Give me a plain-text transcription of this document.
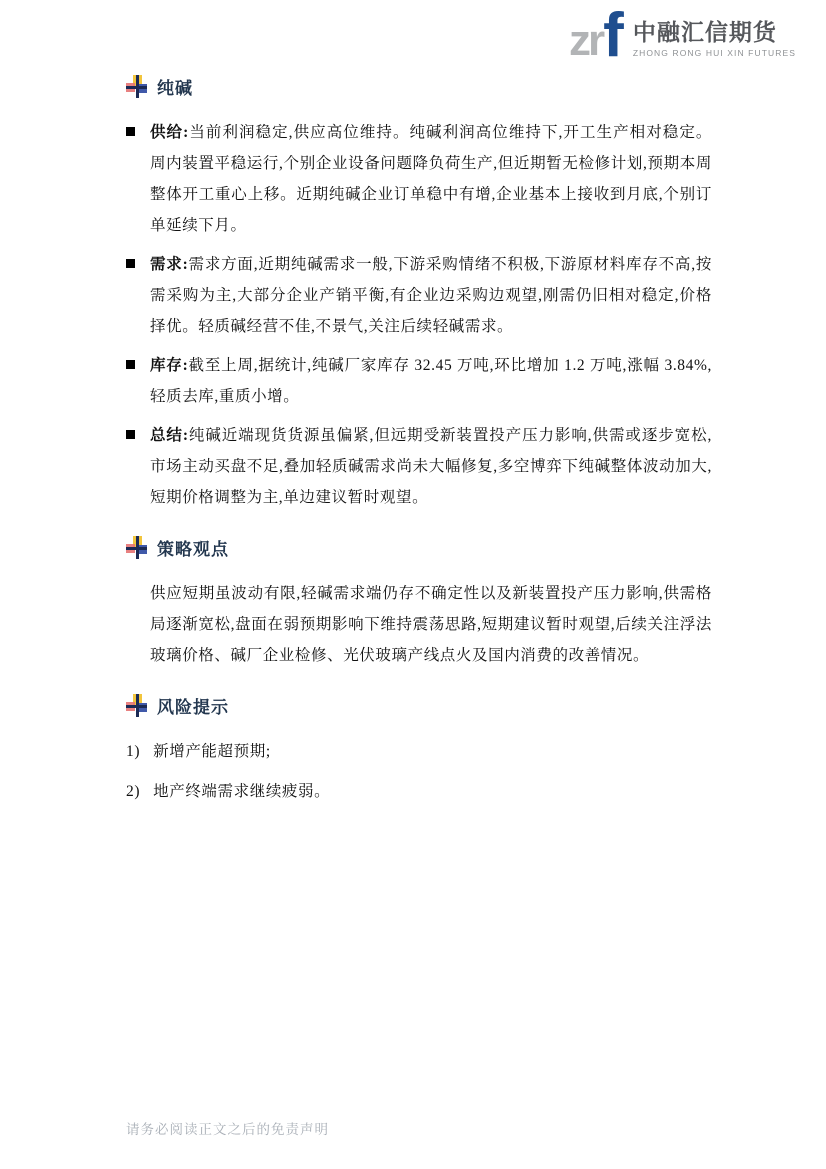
zr f 中融汇信期货
ZHONG RONG HUI XIN FUTURES
纯碱

供给:当前利润稳定,供应高位维持。纯碱利润高位维持下,开工生产相对稳定。周内装置平稳运行,个别企业设备问题降负荷生产,但近期暂无检修计划,预期本周整体开工重心上移。近期纯碱企业订单稳中有增,企业基本上接收到月底,个别订单延续下月。

需求:需求方面,近期纯碱需求一般,下游采购情绪不积极,下游原材料库存不高,按需采购为主,大部分企业产销平衡,有企业边采购边观望,刚需仍旧相对稳定,价格择优。轻质碱经营不佳,不景气,关注后续轻碱需求。

库存:截至上周,据统计,纯碱厂家库存 32.45 万吨,环比增加 1.2 万吨,涨幅 3.84%,轻质去库,重质小增。

总结:纯碱近端现货货源虽偏紧,但远期受新装置投产压力影响,供需或逐步宽松,市场主动买盘不足,叠加轻质碱需求尚未大幅修复,多空博弈下纯碱整体波动加大,短期价格调整为主,单边建议暂时观望。

策略观点

供应短期虽波动有限,轻碱需求端仍存不确定性以及新装置投产压力影响,供需格局逐渐宽松,盘面在弱预期影响下维持震荡思路,短期建议暂时观望,后续关注浮法玻璃价格、碱厂企业检修、光伏玻璃产线点火及国内消费的改善情况。

风险提示
1) 新增产能超预期;
2) 地产终端需求继续疲弱。
请务必阅读正文之后的免责声明
